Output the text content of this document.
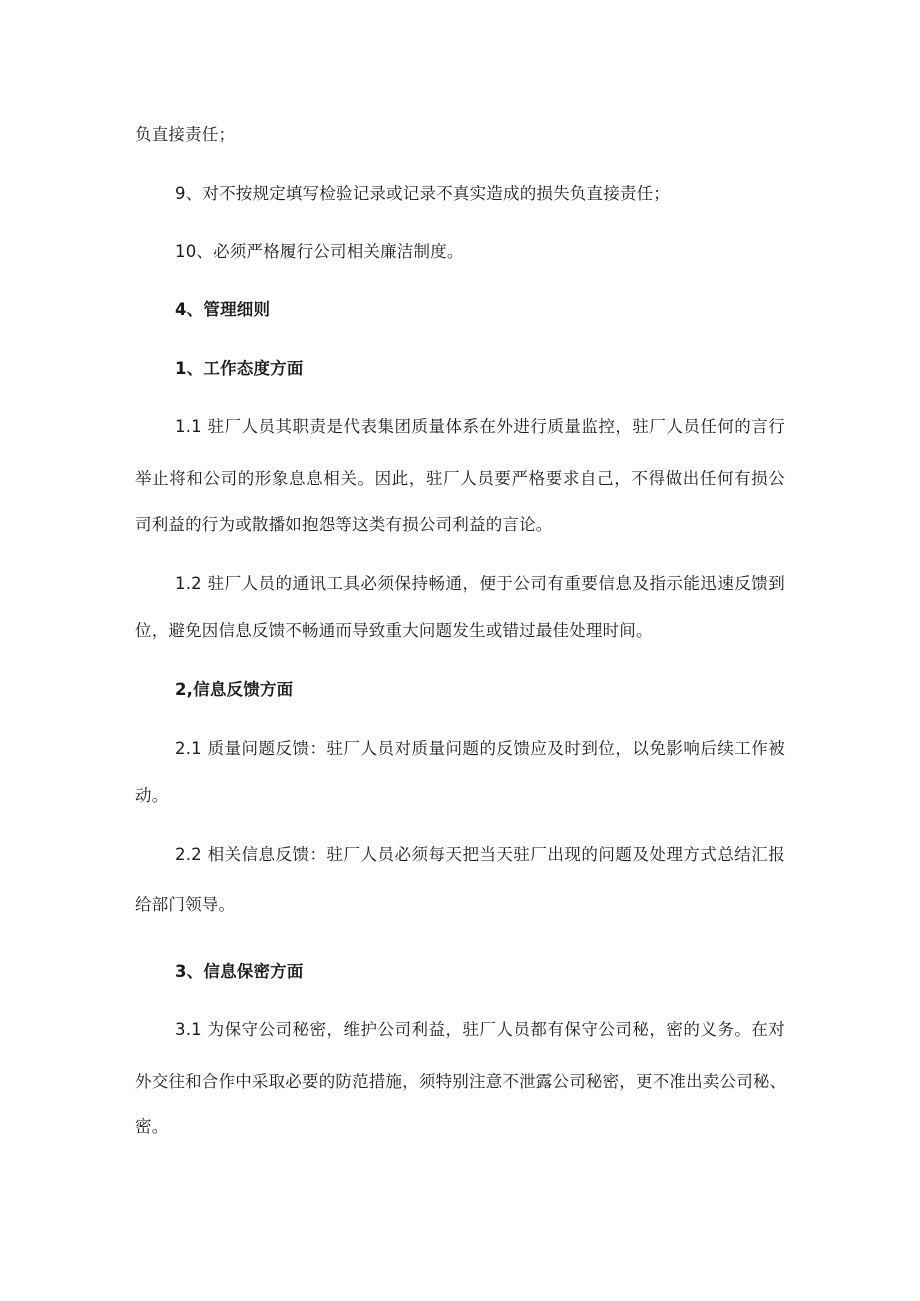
负直接责任；
9、对不按规定填写检验记录或记录不真实造成的损失负直接责任；
10、必须严格履行公司相关廉洁制度。
4、管理细则
1、工作态度方面
1.1 驻厂人员其职责是代表集团质量体系在外进行质量监控，驻厂人员任何的言行
举止将和公司的形象息息相关。因此，驻厂人员要严格要求自己，不得做出任何有损公
司利益的行为或散播如抱怨等这类有损公司利益的言论。
1.2 驻厂人员的通讯工具必须保持畅通，便于公司有重要信息及指示能迅速反馈到
位，避免因信息反馈不畅通而导致重大问题发生或错过最佳处理时间。
2,信息反馈方面
2.1 质量问题反馈：驻厂人员对质量问题的反馈应及时到位，以免影响后续工作被
动。
2.2 相关信息反馈：驻厂人员必须每天把当天驻厂出现的问题及处理方式总结汇报
给部门领导。
3、信息保密方面
3.1 为保守公司秘密，维护公司利益，驻厂人员都有保守公司秘，密的义务。在对
外交往和合作中采取必要的防范措施，须特别注意不泄露公司秘密，更不准出卖公司秘、
密。
